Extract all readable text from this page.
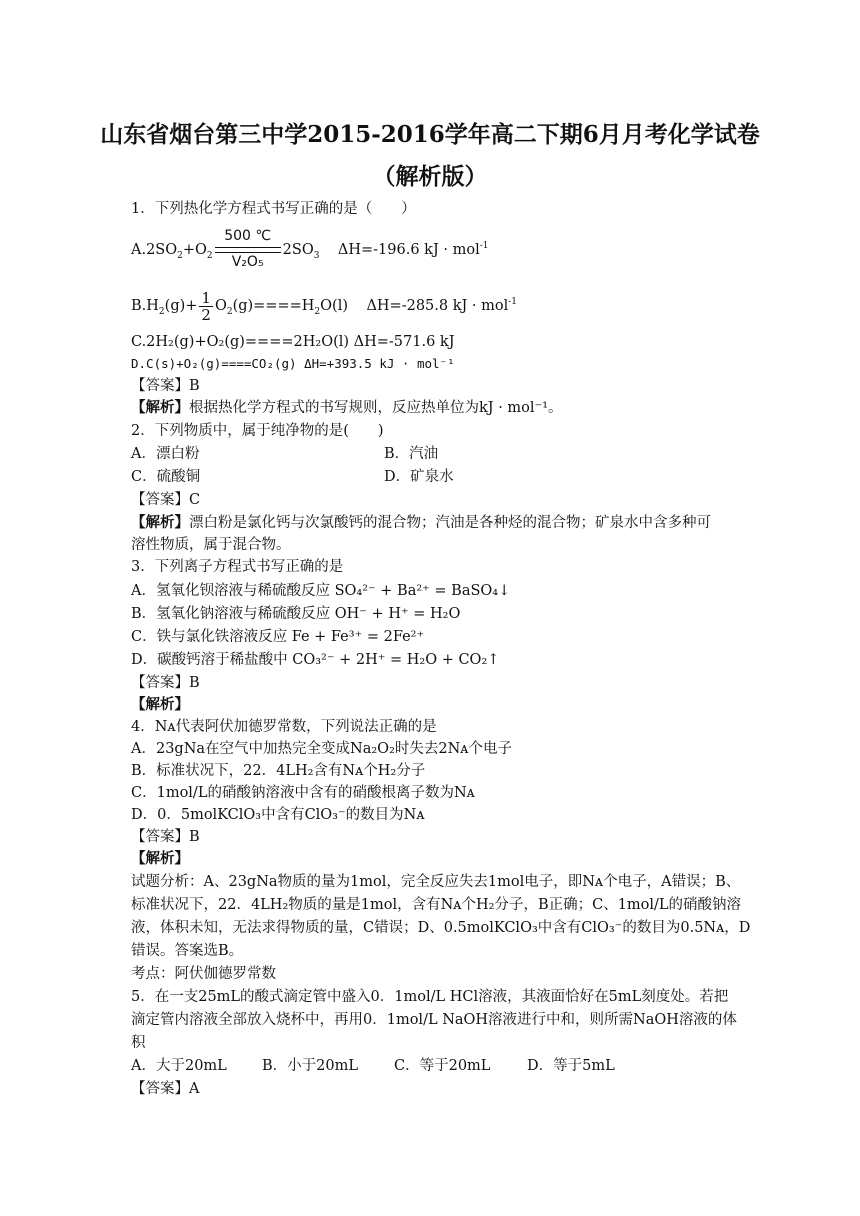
山东省烟台第三中学2015-2016学年高二下期6月月考化学试卷
（解析版）
1．下列热化学方程式书写正确的是（　　）
$A.2SO_2+O_2$
500 ℃
V₂O₅
$2SO_3$ ΔH=-196.6 kJ · mol$^{-1}$
$B.H_2(g)+ \frac{1}{2} O_2(g)====H_2O(l)$ ΔH=-285.8 kJ · mol$^{-1}$
C.2H₂(g)+O₂(g)====2H₂O(l) ΔH=-571.6 kJ
D.C(s)+O₂(g)====CO₂(g) ΔH=+393.5 kJ · mol⁻¹
【答案】B
【解析】根据热化学方程式的书写规则，反应热单位为kJ · mol⁻¹。
2．下列物质中，属于纯净物的是(　　)
A．漂白粉	B．汽油
C．硫酸铜	D．矿泉水
【答案】C
【解析】漂白粉是氯化钙与次氯酸钙的混合物；汽油是各种烃的混合物；矿泉水中含多种可
溶性物质，属于混合物。
3．下列离子方程式书写正确的是
A．氢氧化钡溶液与稀硫酸反应 SO₄²⁻ + Ba²⁺ = BaSO₄↓
B．氢氧化钠溶液与稀硫酸反应 OH⁻ + H⁺ = H₂O
C．铁与氯化铁溶液反应 Fe + Fe³⁺ = 2Fe²⁺
D．碳酸钙溶于稀盐酸中 CO₃²⁻ + 2H⁺ = H₂O + CO₂↑
【答案】B
【解析】
4．Nᴀ代表阿伏加德罗常数，下列说法正确的是
A．23gNa在空气中加热完全变成Na₂O₂时失去2Nᴀ个电子
B．标准状况下，22．4LH₂含有Nᴀ个H₂分子
C．1mol/L的硝酸钠溶液中含有的硝酸根离子数为Nᴀ
D．0．5molKClO₃中含有ClO₃⁻的数目为Nᴀ
【答案】B
【解析】
试题分析：A、23gNa物质的量为1mol，完全反应失去1mol电子，即Nᴀ个电子，A错误；B、
标准状况下，22．4LH₂物质的量是1mol，含有Nᴀ个H₂分子，B正确；C、1mol/L的硝酸钠溶
液，体积未知，无法求得物质的量，C错误；D、0.5molKClO₃中含有ClO₃⁻的数目为0.5Nᴀ，D
错误。答案选B。
考点：阿伏伽德罗常数
5．在一支25mL的酸式滴定管中盛入0．1mol/L HCl溶液，其液面恰好在5mL刻度处。若把
滴定管内溶液全部放入烧杯中，再用0．1mol/L NaOH溶液进行中和，则所需NaOH溶液的体
积
A．大于20mL B．小于20mL C．等于20mL	D．等于5mL
【答案】A
